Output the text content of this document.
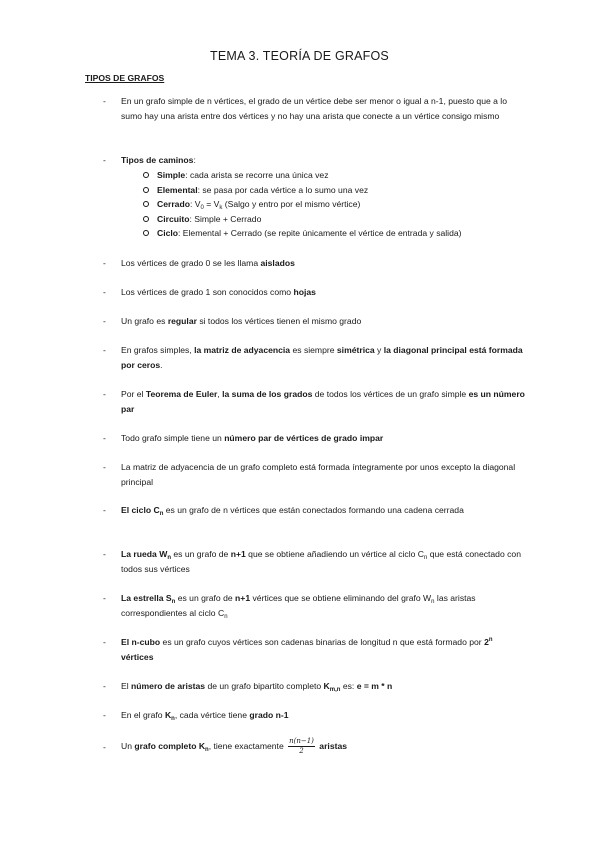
TEMA 3. TEORÍA DE GRAFOS
TIPOS DE GRAFOS
- En un grafo simple de n vértices, el grado de un vértice debe ser menor o igual a n-1, puesto que a lo sumo hay una arista entre dos vértices y no hay una arista que conecte a un vértice consigo mismo
- Tipos de caminos:
Simple: cada arista se recorre una única vez
Elemental: se pasa por cada vértice a lo sumo una vez
Cerrado: $V_0 = V_k$ (Salgo y entro por el mismo vértice)
Circuito: Simple + Cerrado
Ciclo: Elemental + Cerrado (se repite únicamente el vértice de entrada y salida)
- Los vértices de grado 0 se les llama aislados
- Los vértices de grado 1 son conocidos como hojas
- Un grafo es regular si todos los vértices tienen el mismo grado
- En grafos simples, la matriz de adyacencia es siempre simétrica y la diagonal principal está formada por ceros.
- Por el Teorema de Euler, la suma de los grados de todos los vértices de un grafo simple es un número par
- Todo grafo simple tiene un número par de vértices de grado impar
- La matriz de adyacencia de un grafo completo está formada íntegramente por unos excepto la diagonal principal
- El ciclo $C_n$ es un grafo de n vértices que están conectados formando una cadena cerrada
- La rueda $W_n$ es un grafo de n+1 que se obtiene añadiendo un vértice al ciclo $C_n$ que está conectado con todos sus vértices
- La estrella $S_n$ es un grafo de n+1 vértices que se obtiene eliminando del grafo $W_n$ las aristas correspondientes al ciclo $C_n$
- El n-cubo es un grafo cuyos vértices son cadenas binarias de longitud n que está formado por 2$^n$ vértices
- El número de aristas de un grafo bipartito completo $K_{m,n}$ es: e = m * n
- En el grafo $K_n$, cada vértice tiene grado n-1
- Un grafo completo $K_n$, tiene exactamente $\frac{n(n-1)}{2}$ aristas
